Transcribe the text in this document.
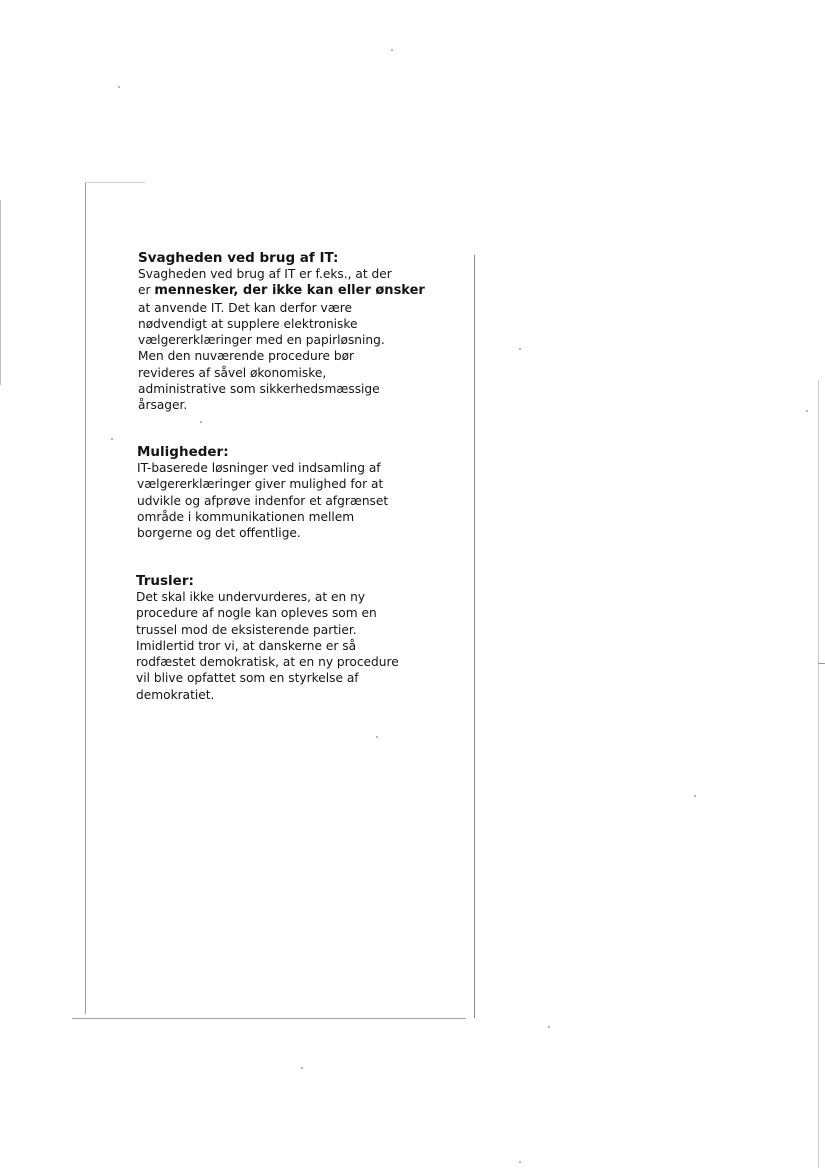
Svagheden ved brug af IT:
Svagheden ved brug af IT er f.eks., at der
er mennesker, der ikke kan eller ønsker
at anvende IT. Det kan derfor være
nødvendigt at supplere elektroniske
vælgererklæringer med en papirløsning.
Men den nuværende procedure bør
revideres af såvel økonomiske,
administrative som sikkerhedsmæssige
årsager.
Muligheder:
IT-baserede løsninger ved indsamling af
vælgererklæringer giver mulighed for at
udvikle og afprøve indenfor et afgrænset
område i kommunikationen mellem
borgerne og det offentlige.
Trusler:
Det skal ikke undervurderes, at en ny
procedure af nogle kan opleves som en
trussel mod de eksisterende partier.
Imidlertid tror vi, at danskerne er så
rodfæstet demokratisk, at en ny procedure
vil blive opfattet som en styrkelse af
demokratiet.
